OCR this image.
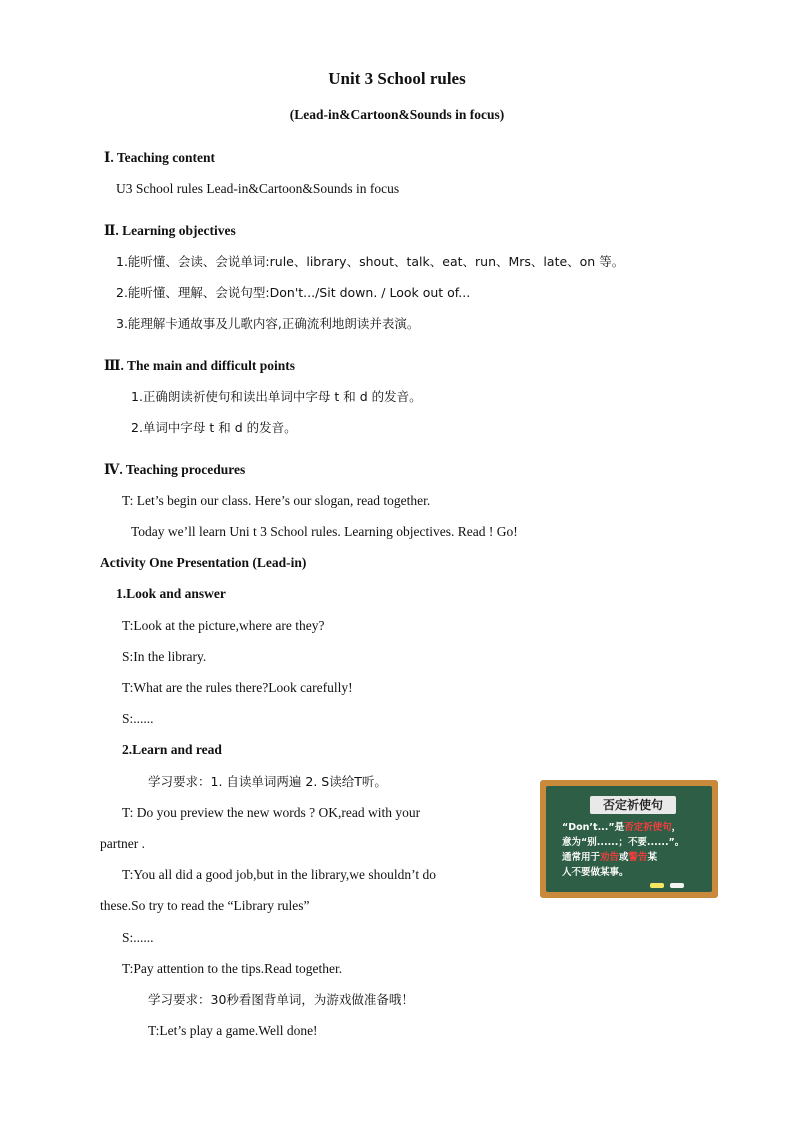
Unit 3 School rules
(Lead-in&Cartoon&Sounds in focus)
Ⅰ. Teaching content
U3 School rules Lead-in&Cartoon&Sounds in focus
Ⅱ. Learning objectives
1.能听懂、会读、会说单词:rule、library、shout、talk、eat、run、Mrs、late、on 等。
2.能听懂、理解、会说句型:Don't.../Sit down. / Look out of...
3.能理解卡通故事及儿歌内容,正确流利地朗读并表演。
Ⅲ. The main and difficult points
1.正确朗读祈使句和读出单词中字母 t 和 d 的发音。
2.单词中字母 t 和 d 的发音。
Ⅳ. Teaching procedures
T: Let’s begin our class. Here’s our slogan, read together.
Today we’ll learn Uni t 3 School rules. Learning objectives. Read ! Go!
Activity One Presentation (Lead-in)
1.Look and answer
T:Look at the picture,where are they?
S:In the library.
T:What are the rules there?Look carefully!
S:......
2.Learn and read
学习要求：1. 自读单词两遍 2. S读给T听。
T: Do you preview the new words ? OK,read with your
partner .
T:You all did a good job,but in the library,we shouldn’t do
these.So try to read the “Library rules”
S:......
T:Pay attention to the tips.Read together.
学习要求：30秒看图背单词，为游戏做准备哦！
T:Let’s play a game.Well done!
否定祈使句
“Don’t...”是否定祈使句，
意为“别......；不要......”。
通常用于劝告或警告某
人不要做某事。
